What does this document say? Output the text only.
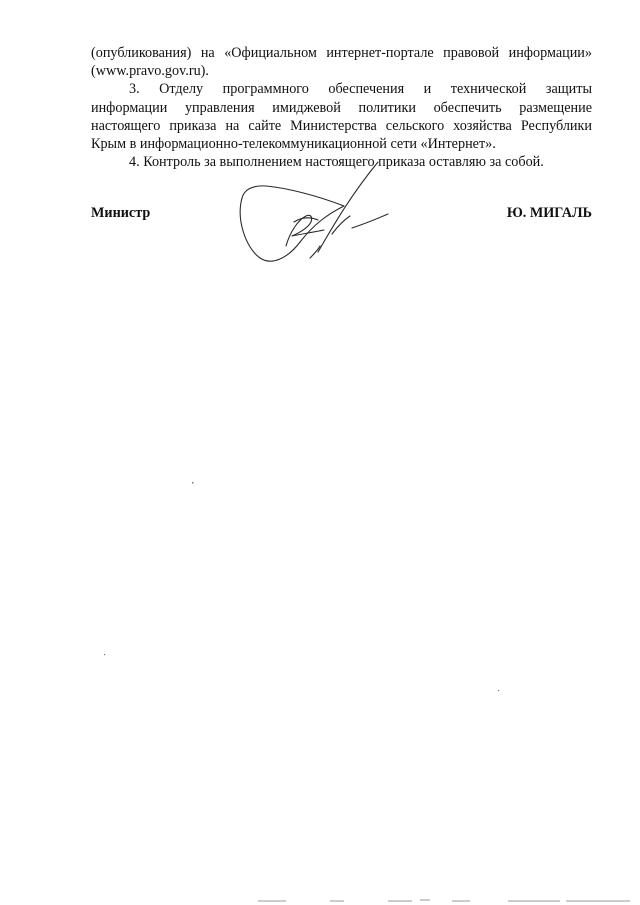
(опубликования) на «Официальном интернет-портале правовой информации»
(www.pravo.gov.ru).
3. Отделу программного обеспечения и технической защиты
информации управления имиджевой политики обеспечить размещение
настоящего приказа на сайте Министерства сельского хозяйства Республики
Крым в информационно-телекоммуникационной сети «Интернет».
4. Контроль за выполнением настоящего приказа оставляю за собой.
Министр	Ю. МИГАЛЬ
